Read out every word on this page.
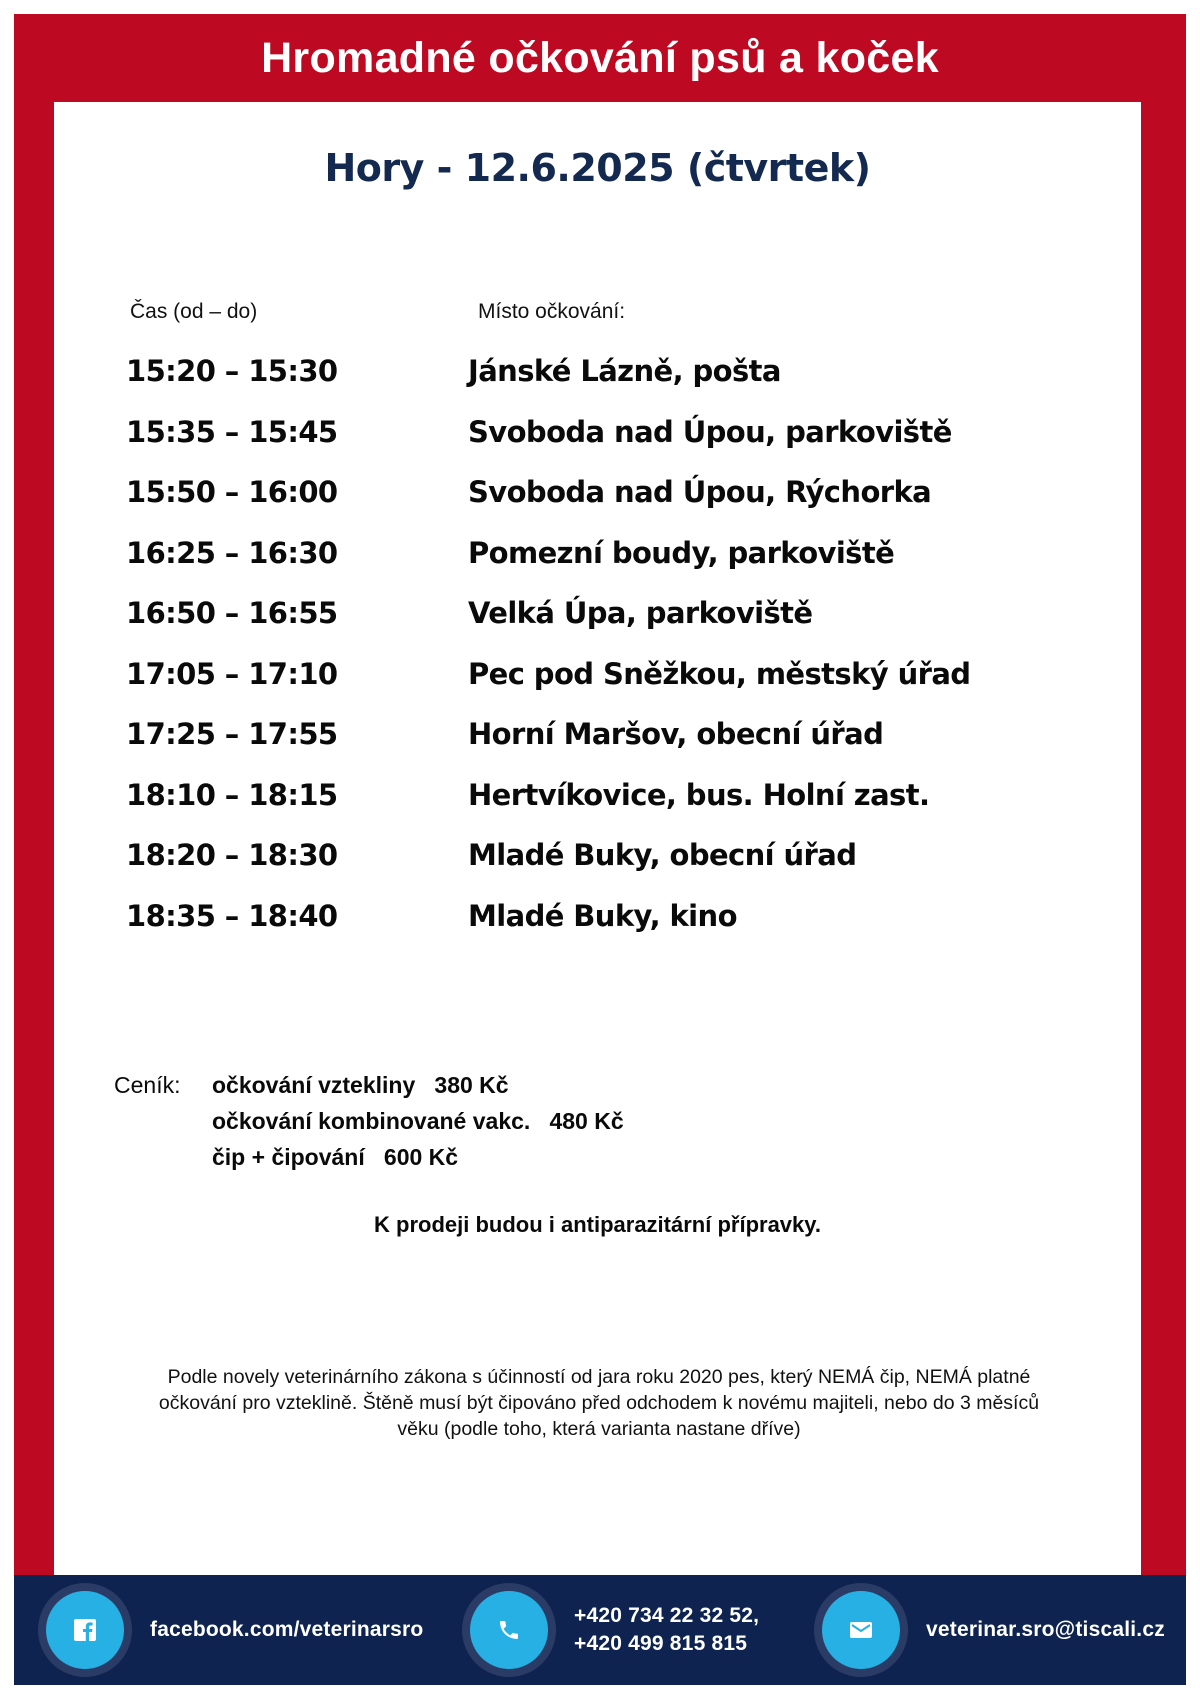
Hromadné očkování psů a koček
Hory - 12.6.2025 (čtvrtek)
Čas (od – do)	Místo očkování:
15:20 – 15:30	Jánské Lázně, pošta
15:35 – 15:45	Svoboda nad Úpou, parkoviště
15:50 – 16:00	Svoboda nad Úpou, Rýchorka
16:25 – 16:30	Pomezní boudy, parkoviště
16:50 – 16:55	Velká Úpa, parkoviště
17:05 – 17:10	Pec pod Sněžkou, městský úřad
17:25 – 17:55	Horní Maršov, obecní úřad
18:10 – 18:15	Hertvíkovice, bus. Holní zast.
18:20 – 18:30	Mladé Buky, obecní úřad
18:35 – 18:40	Mladé Buky, kino
Ceník: očkování vztekliny   380 Kč
očkování kombinované vakc.   480 Kč
čip + čipování   600 Kč
K prodeji budou i antiparazitární přípravky.
Podle novely veterinárního zákona s účinností od jara roku 2020 pes, který NEMÁ čip, NEMÁ platné
očkování pro vzteklině. Štěně musí být čipováno před odchodem k novému majiteli, nebo do 3 měsíců
věku (podle toho, která varianta nastane dříve)
facebook.com/veterinarsro
+420 734 22 32 52,
+420 499 815 815
veterinar.sro@tiscali.cz
